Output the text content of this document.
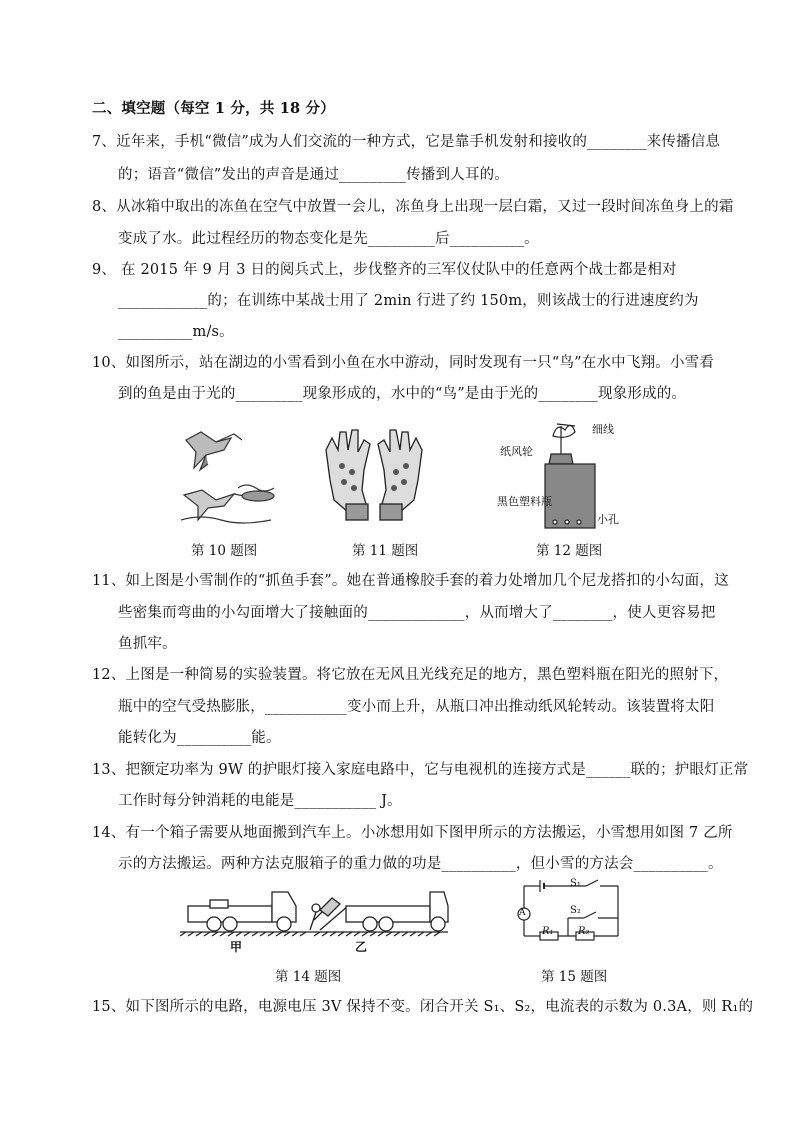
二、填空题（每空 1 分，共 18 分）
7、近年来，手机“微信”成为人们交流的一种方式，它是靠手机发射和接收的________来传播信息
的；语音“微信”发出的声音是通过_________传播到人耳的。
8、从冰箱中取出的冻鱼在空气中放置一会儿，冻鱼身上出现一层白霜，又过一段时间冻鱼身上的霜
变成了水。此过程经历的物态变化是先_________后__________。
9、 在 2015 年 9 月 3 日的阅兵式上，步伐整齐的三军仪仗队中的任意两个战士都是相对
____________的；在训练中某战士用了 2min 行进了约 150m，则该战士的行进速度约为
__________m/s。
10、如图所示，站在湖边的小雪看到小鱼在水中游动，同时发现有一只“鸟”在水中飞翔。小雪看
到的鱼是由于光的_________现象形成的，水中的“鸟”是由于光的________现象形成的。
第 10 题图	第 11 题图
细线
纸风轮
黑色塑料瓶
小孔
第 12 题图
11、如上图是小雪制作的“抓鱼手套”。她在普通橡胶手套的着力处增加几个尼龙搭扣的小勾面，这
些密集而弯曲的小勾面增大了接触面的_____________，从而增大了________，使人更容易把
鱼抓牢。
12、上图是一种简易的实验装置。将它放在无风且光线充足的地方，黑色塑料瓶在阳光的照射下，
瓶中的空气受热膨胀，___________变小而上升，从瓶口冲出推动纸风轮转动。该装置将太阳
能转化为__________能。
13、把额定功率为 9W 的护眼灯接入家庭电路中，它与电视机的连接方式是______联的；护眼灯正常
工作时每分钟消耗的电能是___________ J。
14、有一个箱子需要从地面搬到汽车上。小冰想用如下图甲所示的方法搬运，小雪想用如图 7 乙所
示的方法搬运。两种方法克服箱子的重力做的功是__________，但小雪的方法会__________。
甲	乙
第 14 题图
A
S₁
S₂
R₁ R₂
第 15 题图
15、如下图所示的电路，电源电压 3V 保持不变。闭合开关 S₁、S₂，电流表的示数为 0.3A，则 R₁的
